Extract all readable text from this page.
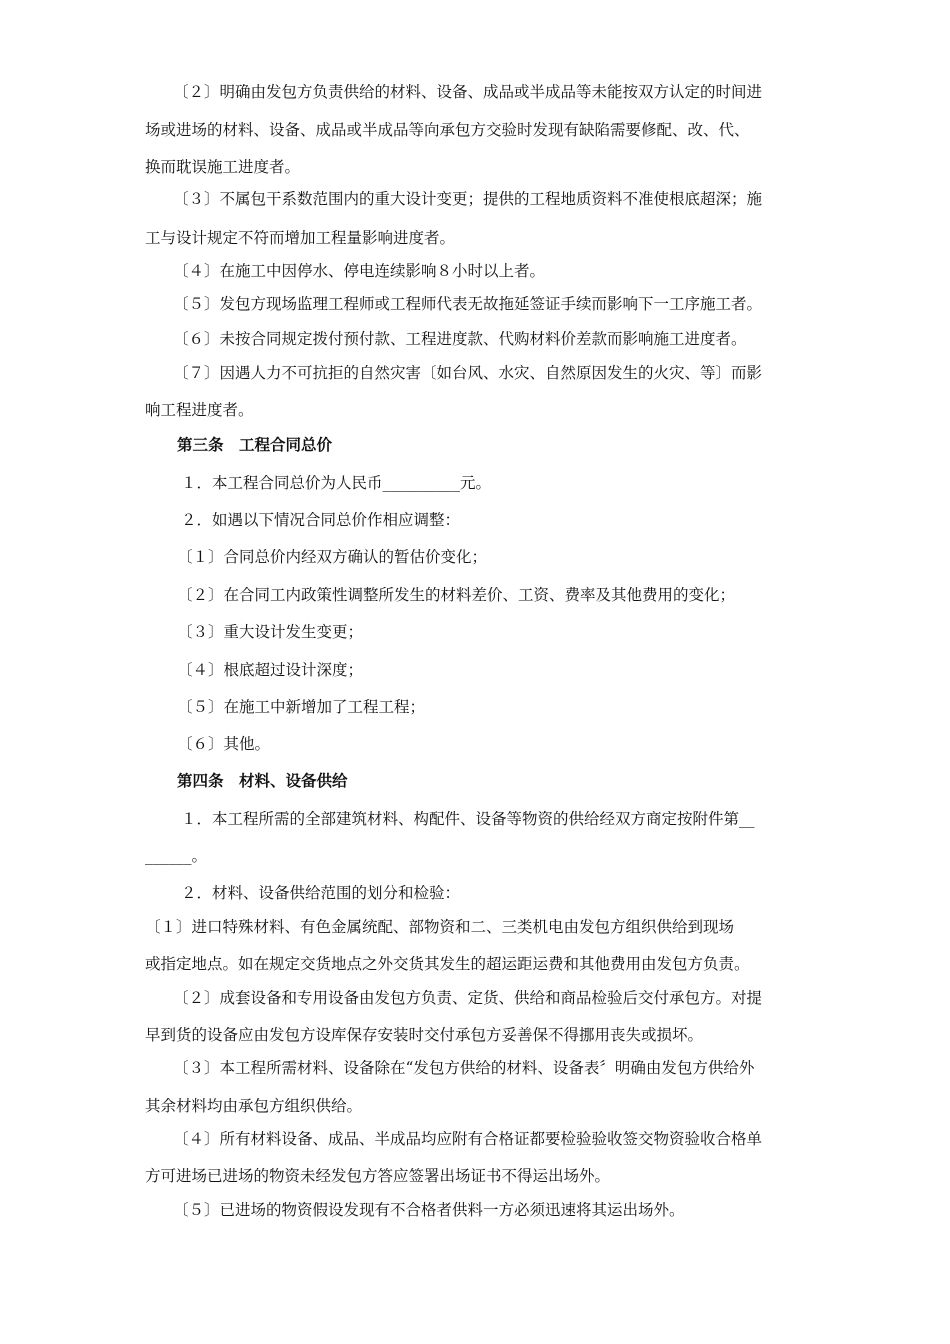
〔２〕明确由发包方负责供给的材料、设备、成品或半成品等未能按双方认定的时间进
场或进场的材料、设备、成品或半成品等向承包方交验时发现有缺陷需要修配、改、代、
换而耽误施工进度者。
〔３〕不属包干系数范围内的重大设计变更；提供的工程地质资料不准使根底超深；施
工与设计规定不符而增加工程量影响进度者。
〔４〕在施工中因停水、停电连续影响８小时以上者。
〔５〕发包方现场监理工程师或工程师代表无故拖延签证手续而影响下一工序施工者。
〔６〕未按合同规定拨付预付款、工程进度款、代购材料价差款而影响施工进度者。
〔７〕因遇人力不可抗拒的自然灾害〔如台风、水灾、自然原因发生的火灾、等〕而影
响工程进度者。
第三条　工程合同总价
１．本工程合同总价为人民币__________元。
２．如遇以下情况合同总价作相应调整：
〔１〕合同总价内经双方确认的暂估价变化；
〔２〕在合同工内政策性调整所发生的材料差价、工资、费率及其他费用的变化；
〔３〕重大设计发生变更；
〔４〕根底超过设计深度；
〔５〕在施工中新增加了工程工程；
〔６〕其他。
第四条　材料、设备供给
１．本工程所需的全部建筑材料、构配件、设备等物资的供给经双方商定按附件第__
______。
２．材料、设备供给范围的划分和检验：
〔１〕进口特殊材料、有色金属统配、部物资和二、三类机电由发包方组织供给到现场
或指定地点。如在规定交货地点之外交货其发生的超运距运费和其他费用由发包方负责。
〔２〕成套设备和专用设备由发包方负责、定货、供给和商品检验后交付承包方。对提
早到货的设备应由发包方设库保存安装时交付承包方妥善保不得挪用丧失或损坏。
〔３〕本工程所需材料、设备除在“发包方供给的材料、设备表〞明确由发包方供给外
其余材料均由承包方组织供给。
〔４〕所有材料设备、成品、半成品均应附有合格证都要检验验收签交物资验收合格单
方可进场已进场的物资未经发包方答应签署出场证书不得运出场外。
〔５〕已进场的物资假设发现有不合格者供料一方必须迅速将其运出场外。
